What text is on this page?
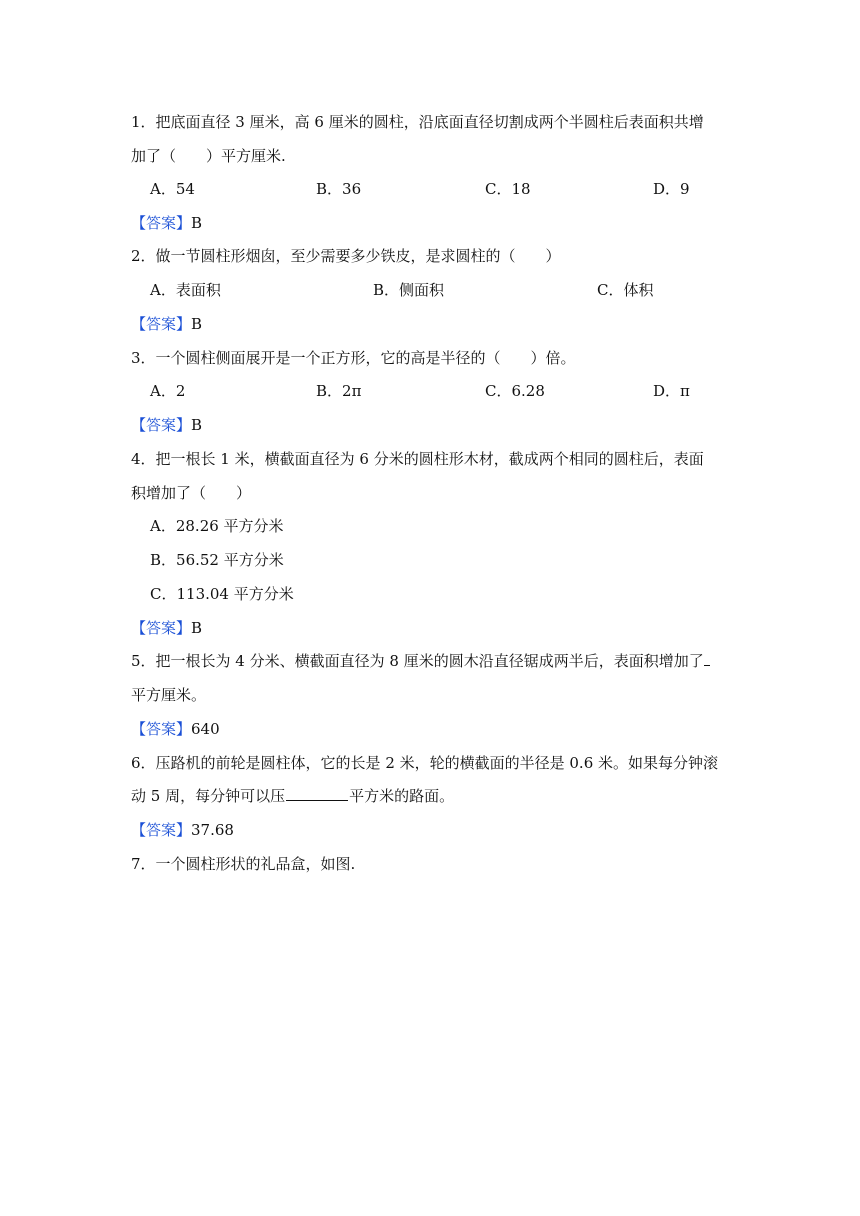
1．把底面直径 3 厘米，高 6 厘米的圆柱，沿底面直径切割成两个半圆柱后表面积共增
加了（　　）平方厘米.
A．54	B．36	C．18	D．9
【答案】B
2．做一节圆柱形烟囱，至少需要多少铁皮，是求圆柱的（　　）
A．表面积	B．侧面积	C．体积
【答案】B
3．一个圆柱侧面展开是一个正方形，它的高是半径的（　　）倍。
A．2	B．2π	C．6.28	D．π
【答案】B
4．把一根长 1 米，横截面直径为 6 分米的圆柱形木材，截成两个相同的圆柱后，表面
积增加了（　　）
A．28.26 平方分米
B．56.52 平方分米
C．113.04 平方分米
【答案】B
5．把一根长为 4 分米、横截面直径为 8 厘米的圆木沿直径锯成两半后，表面积增加了
平方厘米。
【答案】640
6．压路机的前轮是圆柱体，它的长是 2 米，轮的横截面的半径是 0.6 米。如果每分钟滚
动 5 周，每分钟可以压	平方米的路面。
【答案】37.68
7．一个圆柱形状的礼品盒，如图.
